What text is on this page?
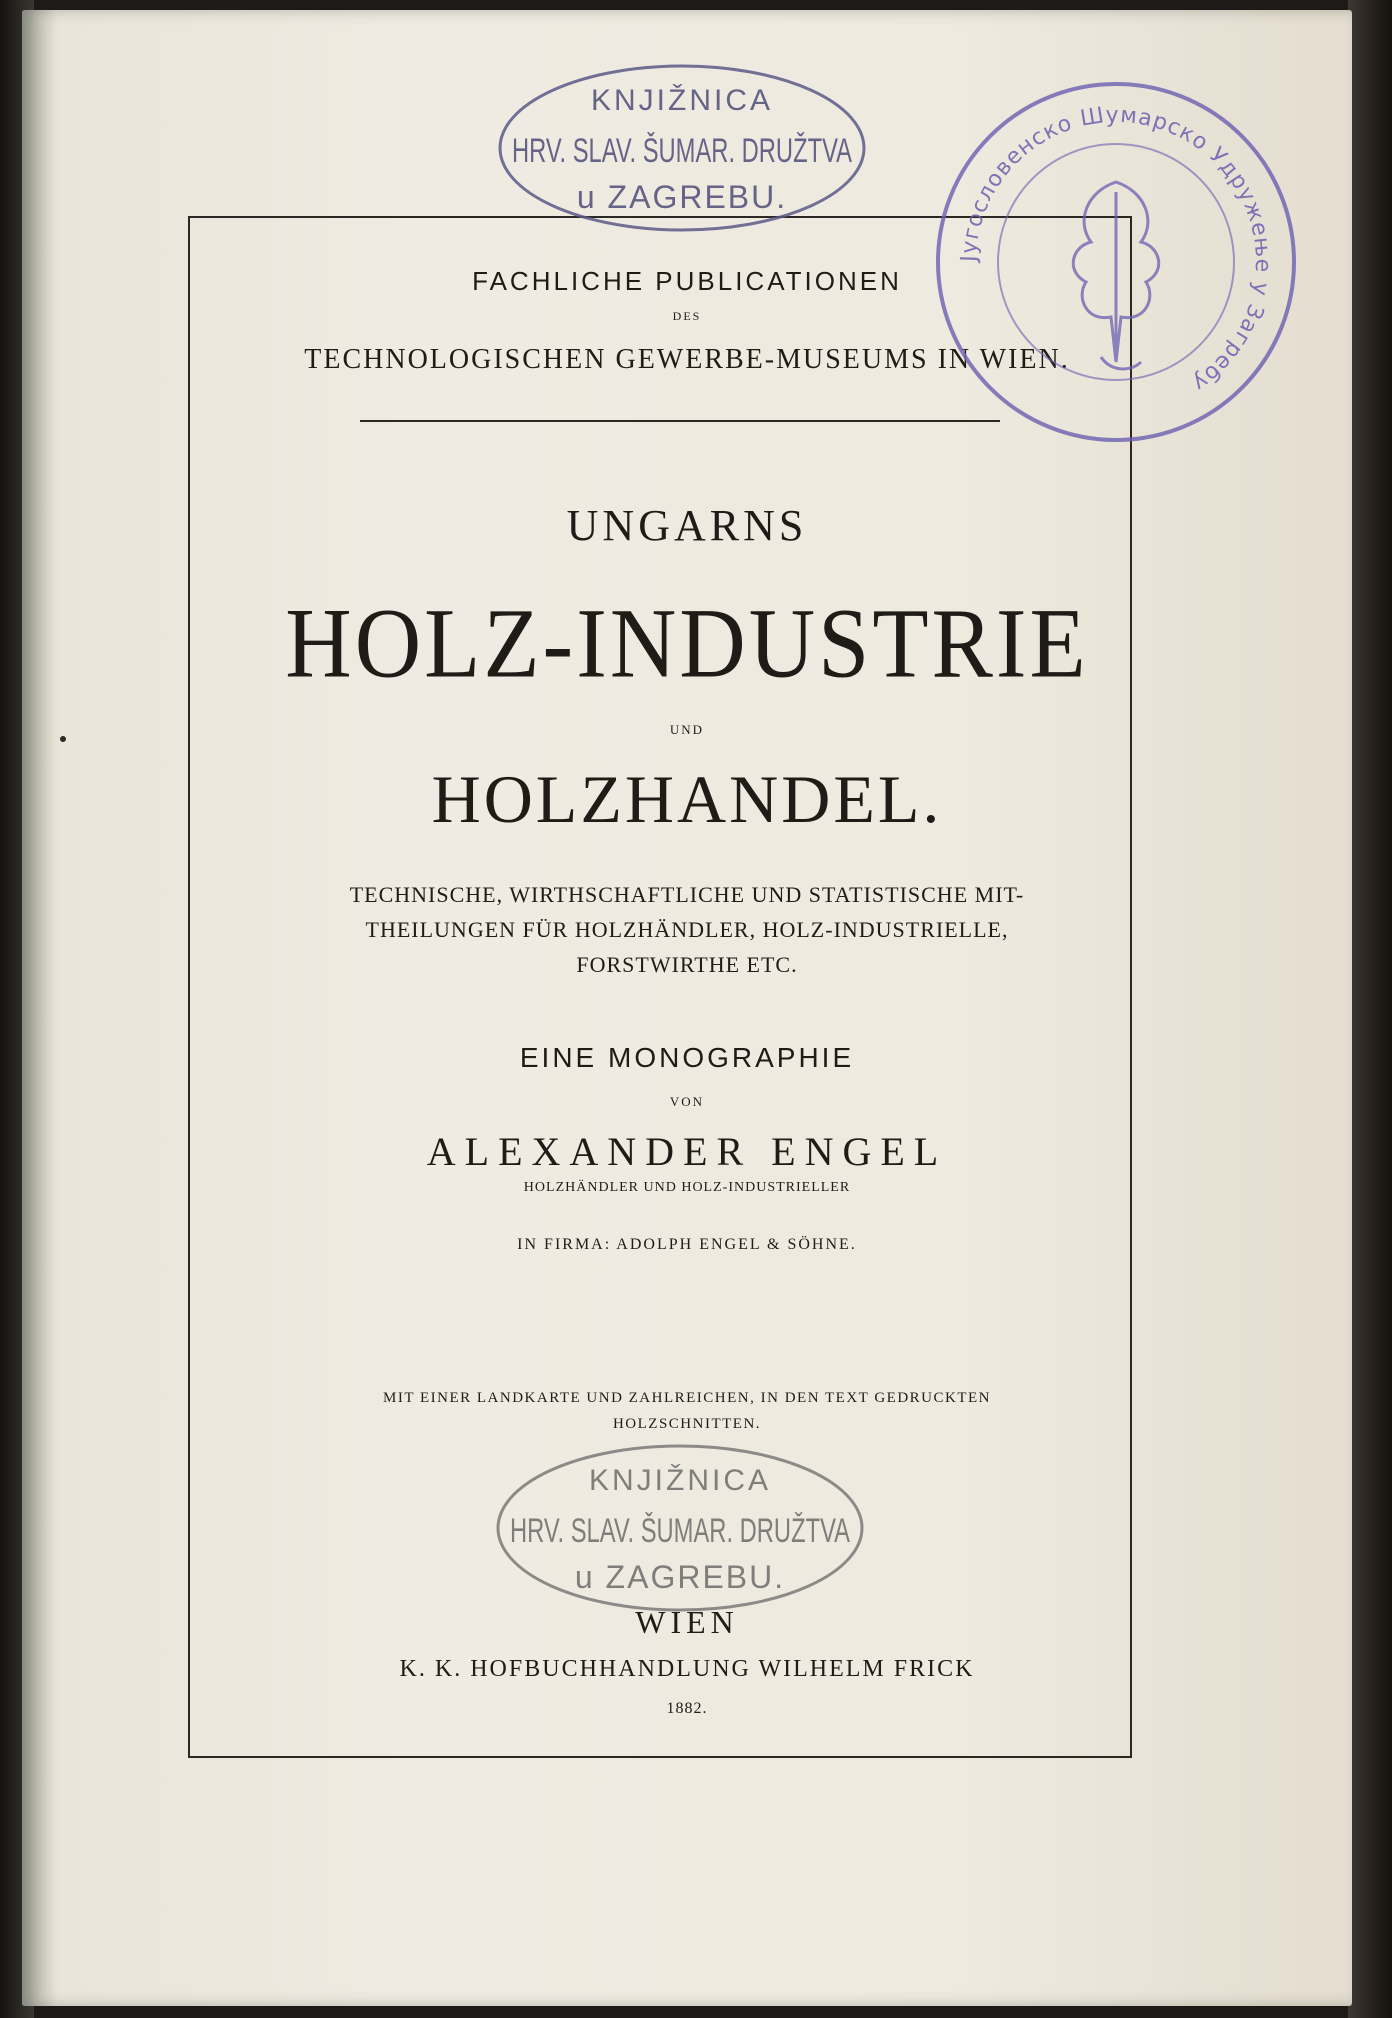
FACHLICHE PUBLICATIONEN
DES
TECHNOLOGISCHEN GEWERBE-MUSEUMS IN WIEN.
UNGARNS
HOLZ-INDUSTRIE
UND
HOLZHANDEL.
TECHNISCHE, WIRTHSCHAFTLICHE UND STATISTISCHE MIT-
THEILUNGEN FÜR HOLZHÄNDLER, HOLZ-INDUSTRIELLE,
FORSTWIRTHE ETC.
EINE MONOGRAPHIE
VON
ALEXANDER ENGEL
HOLZHÄNDLER UND HOLZ-INDUSTRIELLER
IN FIRMA: ADOLPH ENGEL & SÖHNE.
MIT EINER LANDKARTE UND ZAHLREICHEN, IN DEN TEXT GEDRUCKTEN
HOLZSCHNITTEN.
WIEN
K. K. HOFBUCHHANDLUNG WILHELM FRICK
1882.
KNJIŽNICA
HRV. SLAV. ŠUMAR. DRUŽTVA
u ZAGREBU.
Југословенско Шумарско Удружење у Загребу
KNJIŽNICA
HRV. SLAV. ŠUMAR. DRUŽTVA
u ZAGREBU.
